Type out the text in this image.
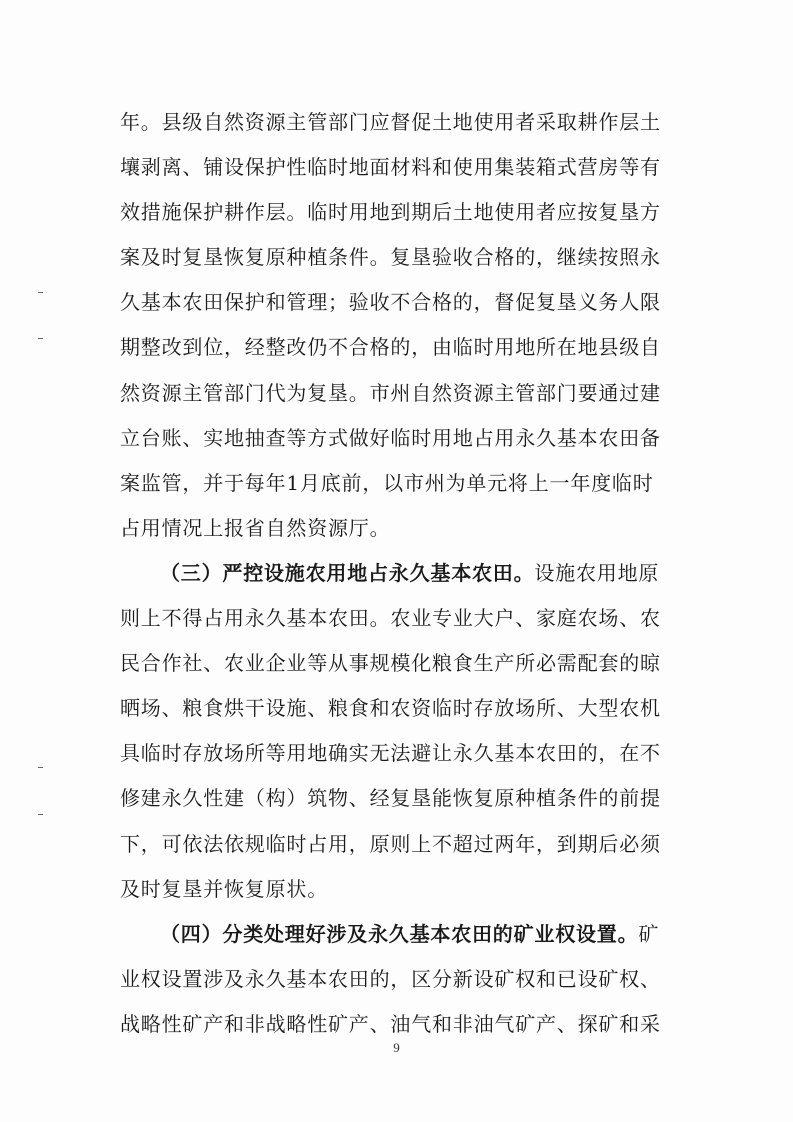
年。县级自然资源主管部门应督促土地使用者采取耕作层土
壤剥离、铺设保护性临时地面材料和使用集装箱式营房等有
效措施保护耕作层。临时用地到期后土地使用者应按复垦方
案及时复垦恢复原种植条件。复垦验收合格的，继续按照永
久基本农田保护和管理；验收不合格的，督促复垦义务人限
期整改到位，经整改仍不合格的，由临时用地所在地县级自
然资源主管部门代为复垦。市州自然资源主管部门要通过建
立台账、实地抽查等方式做好临时用地占用永久基本农田备
案监管，并于每年1月底前，以市州为单元将上一年度临时
占用情况上报省自然资源厅。
（三）严控设施农用地占永久基本农田。设施农用地原
则上不得占用永久基本农田。农业专业大户、家庭农场、农
民合作社、农业企业等从事规模化粮食生产所必需配套的晾
晒场、粮食烘干设施、粮食和农资临时存放场所、大型农机
具临时存放场所等用地确实无法避让永久基本农田的，在不
修建永久性建（构）筑物、经复垦能恢复原种植条件的前提
下，可依法依规临时占用，原则上不超过两年，到期后必须
及时复垦并恢复原状。
（四）分类处理好涉及永久基本农田的矿业权设置。矿
业权设置涉及永久基本农田的，区分新设矿权和已设矿权、
战略性矿产和非战略性矿产、油气和非油气矿产、探矿和采
9
